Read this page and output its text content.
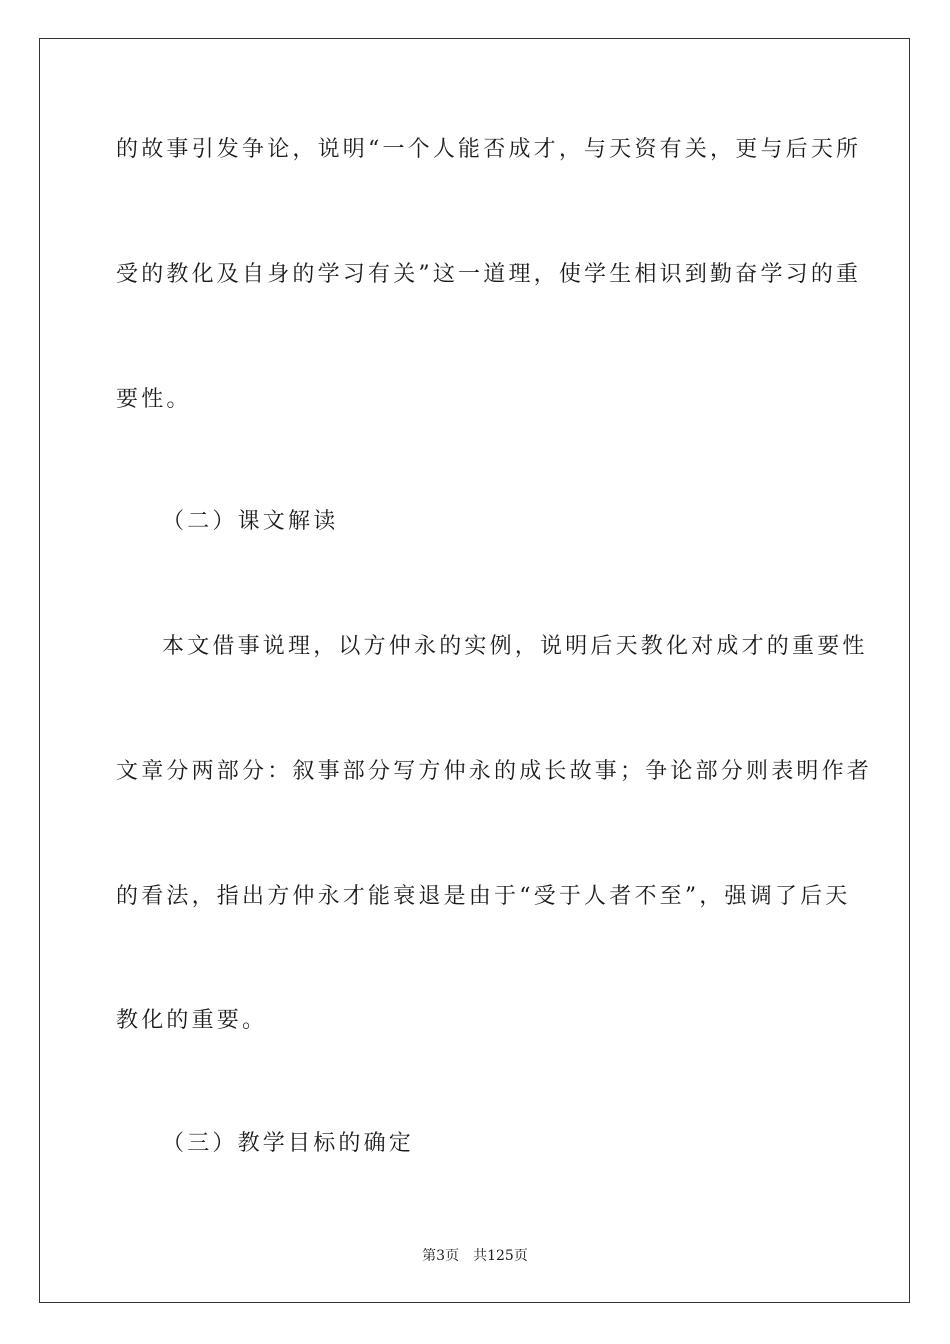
的故事引发争论，说明“一个人能否成才，与天资有关，更与后天所
受的教化及自身的学习有关”这一道理，使学生相识到勤奋学习的重
要性。
（二）课文解读
本文借事说理，以方仲永的实例，说明后天教化对成才的重要性
文章分两部分：叙事部分写方仲永的成长故事；争论部分则表明作者
的看法，指出方仲永才能衰退是由于“受于人者不至”，强调了后天
教化的重要。
（三）教学目标的确定
第3页 共125页
